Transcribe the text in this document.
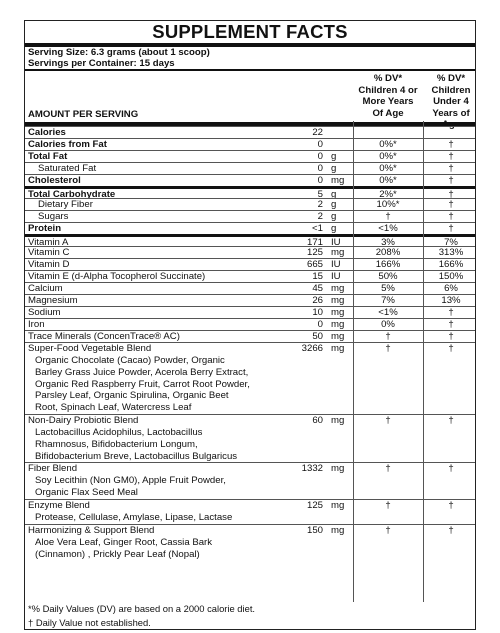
SUPPLEMENT FACTS
Serving Size: 6.3 grams (about 1 scoop)
Servings per Container: 15 days
% DV*
Children 4 or
More Years
Of Age
% DV*
Children
Under 4
Years of Age
AMOUNT PER SERVING
Calories	22
Calories from Fat	0	0%*	†
Total Fat	0 g	0%*	†
Saturated Fat	0 g	0%*	†
Cholesterol	0 mg	0%*	†
Total Carbohydrate	5 g	2%*	†
Dietary Fiber	2 g	10%*	†
Sugars	2 g	†	†
Protein	<1 g	<1%	†
Vitamin A	171 IU	3%	7%
Vitamin C	125 mg	208%	313%
Vitamin D	665 IU	166%	166%
Vitamin E (d-Alpha Tocopherol Succinate)	15 IU	50%	150%
Calcium	45 mg	5%	6%
Magnesium	26 mg	7%	13%
Sodium	10 mg	<1%	†
Iron	0 mg	0%	†
Trace Minerals (ConcenTrace® AC)	50 mg	†	†
Super-Food Vegetable Blend	3266 mg	†	†
Organic Chocolate (Cacao) Powder, Organic
Barley Grass Juice Powder, Acerola Berry Extract,
Organic Red Raspberry Fruit, Carrot Root Powder,
Parsley Leaf, Organic Spirulina, Organic Beet
Root, Spinach Leaf, Watercress Leaf
Non-Dairy Probiotic Blend	60 mg	†	†
Lactobacillus Acidophilus, Lactobacillus
Rhamnosus, Bifidobacterium Longum,
Bifidobacterium Breve, Lactobacillus Bulgaricus
Fiber Blend	1332 mg	†	†
Soy Lecithin (Non GM0), Apple Fruit Powder,
Organic Flax Seed Meal
Enzyme Blend	125 mg	†	†
Protease, Cellulase, Amylase, Lipase, Lactase
Harmonizing & Support Blend	150 mg	†	†
Aloe Vera Leaf, Ginger Root, Cassia Bark
(Cinnamon) , Prickly Pear Leaf (Nopal)
*% Daily Values (DV) are based on a 2000 calorie diet.
† Daily Value not established.
